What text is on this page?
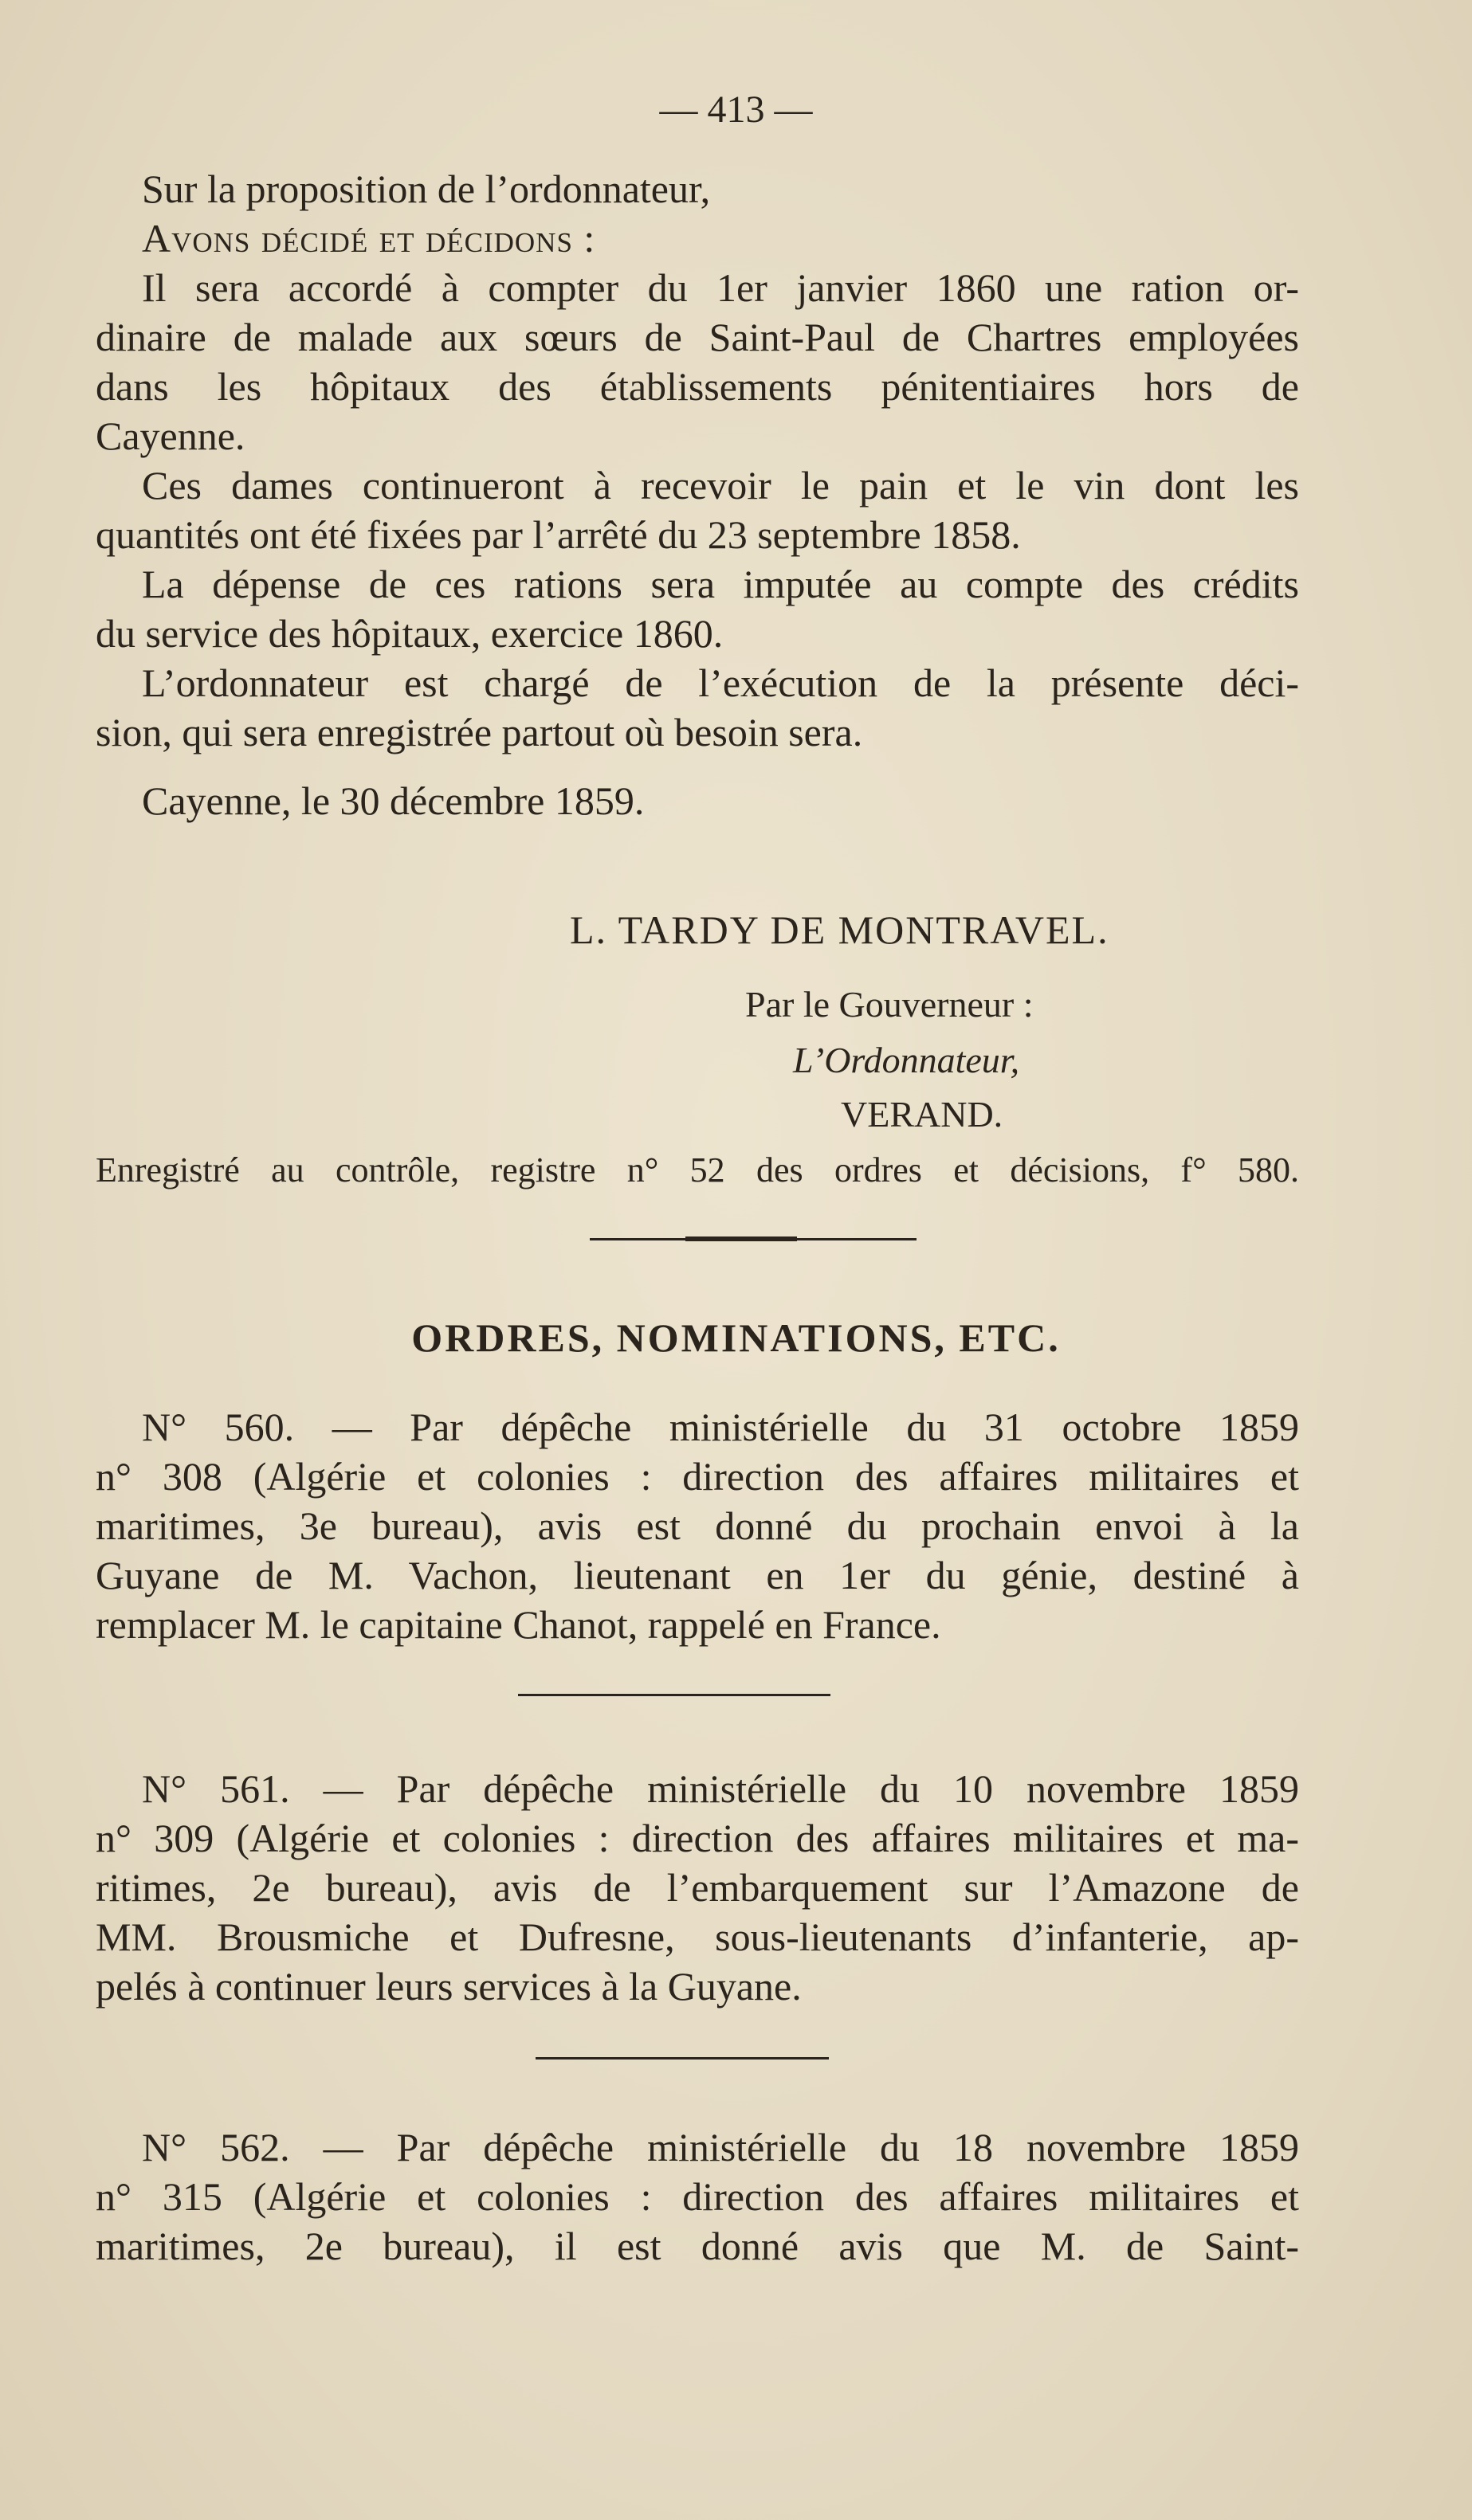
— 413 —
Sur la proposition de l’ordonnateur,
Avons décidé et décidons :
Il sera accordé à compter du 1er janvier 1860 une ration or-
dinaire de malade aux sœurs de Saint-Paul de Chartres employées
dans les hôpitaux des établissements pénitentiaires hors de
Cayenne.
Ces dames continueront à recevoir le pain et le vin dont les
quantités ont été fixées par l’arrêté du 23 septembre 1858.
La dépense de ces rations sera imputée au compte des crédits
du service des hôpitaux, exercice 1860.
L’ordonnateur est chargé de l’exécution de la présente déci-
sion, qui sera enregistrée partout où besoin sera.
Cayenne, le 30 décembre 1859.
L. TARDY DE MONTRAVEL.
Par le Gouverneur :
L’Ordonnateur,
VERAND.
Enregistré au contrôle, registre n° 52 des ordres et décisions, f° 580.
ORDRES, NOMINATIONS, ETC.
N° 560. — Par dépêche ministérielle du 31 octobre 1859
n° 308 (Algérie et colonies : direction des affaires militaires et
maritimes, 3e bureau), avis est donné du prochain envoi à la
Guyane de M. Vachon, lieutenant en 1er du génie, destiné à
remplacer M. le capitaine Chanot, rappelé en France.
N° 561. — Par dépêche ministérielle du 10 novembre 1859
n° 309 (Algérie et colonies : direction des affaires militaires et ma-
ritimes, 2e bureau), avis de l’embarquement sur l’Amazone de
MM. Brousmiche et Dufresne, sous-lieutenants d’infanterie, ap-
pelés à continuer leurs services à la Guyane.
N° 562. — Par dépêche ministérielle du 18 novembre 1859
n° 315 (Algérie et colonies : direction des affaires militaires et
maritimes, 2e bureau), il est donné avis que M. de Saint-
